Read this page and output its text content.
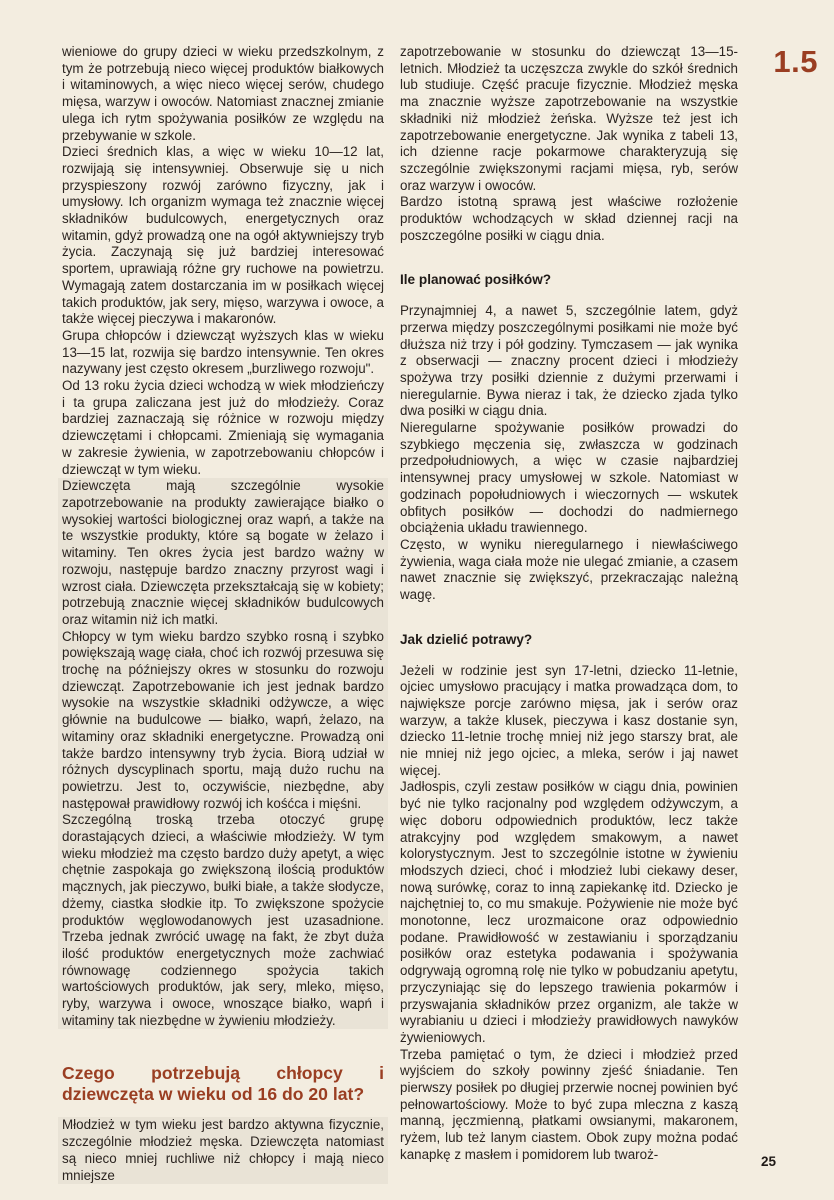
wieniowe do grupy dzieci w wieku przedszkolnym, z tym że potrzebują nieco więcej produktów białkowych i witaminowych, a więc nieco więcej serów, chudego mięsa, warzyw i owoców. Natomiast znacznej zmianie ulega ich rytm spożywania posiłków ze względu na przebywanie w szkole.

Dzieci średnich klas, a więc w wieku 10—12 lat, rozwijają się intensywniej. Obserwuje się u nich przyspieszony rozwój zarówno fizyczny, jak i umysłowy. Ich organizm wymaga też znacznie więcej składników budulcowych, energetycznych oraz witamin, gdyż prowadzą one na ogół aktywniejszy tryb życia. Zaczynają się już bardziej interesować sportem, uprawiają różne gry ruchowe na powietrzu. Wymagają zatem dostarczania im w posiłkach więcej takich produktów, jak sery, mięso, warzywa i owoce, a także więcej pieczywa i makaronów.

Grupa chłopców i dziewcząt wyższych klas w wieku 13—15 lat, rozwija się bardzo intensywnie. Ten okres nazywany jest często okresem „burzliwego rozwoju".

Od 13 roku życia dzieci wchodzą w wiek młodzieńczy i ta grupa zaliczana jest już do młodzieży. Coraz bardziej zaznaczają się różnice w rozwoju między dziewczętami i chłopcami. Zmieniają się wymagania w zakresie żywienia, w zapotrzebowaniu chłopców i dziewcząt w tym wieku.

Dziewczęta mają szczególnie wysokie zapotrzebowanie na produkty zawierające białko o wysokiej wartości biologicznej oraz wapń, a także na te wszystkie produkty, które są bogate w żelazo i witaminy. Ten okres życia jest bardzo ważny w rozwoju, następuje bardzo znaczny przyrost wagi i wzrost ciała. Dziewczęta przekształcają się w kobiety; potrzebują znacznie więcej składników budulcowych oraz witamin niż ich matki.

Chłopcy w tym wieku bardzo szybko rosną i szybko powiększają wagę ciała, choć ich rozwój przesuwa się trochę na późniejszy okres w stosunku do rozwoju dziewcząt. Zapotrzebowanie ich jest jednak bardzo wysokie na wszystkie składniki odżywcze, a więc głównie na budulcowe — białko, wapń, żelazo, na witaminy oraz składniki energetyczne. Prowadzą oni także bardzo intensywny tryb życia. Biorą udział w różnych dyscyplinach sportu, mają dużo ruchu na powietrzu. Jest to, oczywiście, niezbędne, aby następował prawidłowy rozwój ich kośćca i mięśni.

Szczególną troską trzeba otoczyć grupę dorastających dzieci, a właściwie młodzieży. W tym wieku młodzież ma często bardzo duży apetyt, a więc chętnie zaspokaja go zwiększoną ilością produktów mącznych, jak pieczywo, bułki białe, a także słodycze, dżemy, ciastka słodkie itp. To zwiększone spożycie produktów węglowodanowych jest uzasadnione. Trzeba jednak zwrócić uwagę na fakt, że zbyt duża ilość produktów energetycznych może zachwiać równowagę codziennego spożycia takich wartościowych produktów, jak sery, mleko, mięso, ryby, warzywa i owoce, wnoszące białko, wapń i witaminy tak niezbędne w żywieniu młodzieży.

Czego potrzebują chłopcy i dziewczęta w wieku od 16 do 20 lat?

Młodzież w tym wieku jest bardzo aktywna fizycznie, szczególnie młodzież męska. Dziewczęta natomiast są nieco mniej ruchliwe niż chłopcy i mają nieco mniejsze

zapotrzebowanie w stosunku do dziewcząt 13—15-letnich. Młodzież ta uczęszcza zwykle do szkół średnich lub studiuje. Część pracuje fizycznie. Młodzież męska ma znacznie wyższe zapotrzebowanie na wszystkie składniki niż młodzież żeńska. Wyższe też jest ich zapotrzebowanie energetyczne. Jak wynika z tabeli 13, ich dzienne racje pokarmowe charakteryzują się szczególnie zwiększonymi racjami mięsa, ryb, serów oraz warzyw i owoców.

Bardzo istotną sprawą jest właściwe rozłożenie produktów wchodzących w skład dziennej racji na poszczególne posiłki w ciągu dnia.

Ile planować posiłków?

Przynajmniej 4, a nawet 5, szczególnie latem, gdyż przerwa między poszczególnymi posiłkami nie może być dłuższa niż trzy i pół godziny. Tymczasem — jak wynika z obserwacji — znaczny procent dzieci i młodzieży spożywa trzy posiłki dziennie z dużymi przerwami i nieregularnie. Bywa nieraz i tak, że dziecko zjada tylko dwa posiłki w ciągu dnia.

Nieregularne spożywanie posiłków prowadzi do szybkiego męczenia się, zwłaszcza w godzinach przedpołudniowych, a więc w czasie najbardziej intensywnej pracy umysłowej w szkole. Natomiast w godzinach popołudniowych i wieczornych — wskutek obfitych posiłków — dochodzi do nadmiernego obciążenia układu trawiennego.

Często, w wyniku nieregularnego i niewłaściwego żywienia, waga ciała może nie ulegać zmianie, a czasem nawet znacznie się zwiększyć, przekraczając należną wagę.

Jak dzielić potrawy?

Jeżeli w rodzinie jest syn 17-letni, dziecko 11-letnie, ojciec umysłowo pracujący i matka prowadząca dom, to największe porcje zarówno mięsa, jak i serów oraz warzyw, a także klusek, pieczywa i kasz dostanie syn, dziecko 11-letnie trochę mniej niż jego starszy brat, ale nie mniej niż jego ojciec, a mleka, serów i jaj nawet więcej.

Jadłospis, czyli zestaw posiłków w ciągu dnia, powinien być nie tylko racjonalny pod względem odżywczym, a więc doboru odpowiednich produktów, lecz także atrakcyjny pod względem smakowym, a nawet kolorystycznym. Jest to szczególnie istotne w żywieniu młodszych dzieci, choć i młodzież lubi ciekawy deser, nową surówkę, coraz to inną zapiekankę itd. Dziecko je najchętniej to, co mu smakuje. Pożywienie nie może być monotonne, lecz urozmaicone oraz odpowiednio podane. Prawidłowość w zestawianiu i sporządzaniu posiłków oraz estetyka podawania i spożywania odgrywają ogromną rolę nie tylko w pobudzaniu apetytu, przyczyniając się do lepszego trawienia pokarmów i przyswajania składników przez organizm, ale także w wyrabianiu u dzieci i młodzieży prawidłowych nawyków żywieniowych.

Trzeba pamiętać o tym, że dzieci i młodzież przed wyjściem do szkoły powinny zjeść śniadanie. Ten pierwszy posiłek po długiej przerwie nocnej powinien być pełnowartościowy. Może to być zupa mleczna z kaszą manną, jęczmienną, płatkami owsianymi, makaronem, ryżem, lub też lanym ciastem. Obok zupy można podać kanapkę z masłem i pomidorem lub twaroż-

1.5
25
